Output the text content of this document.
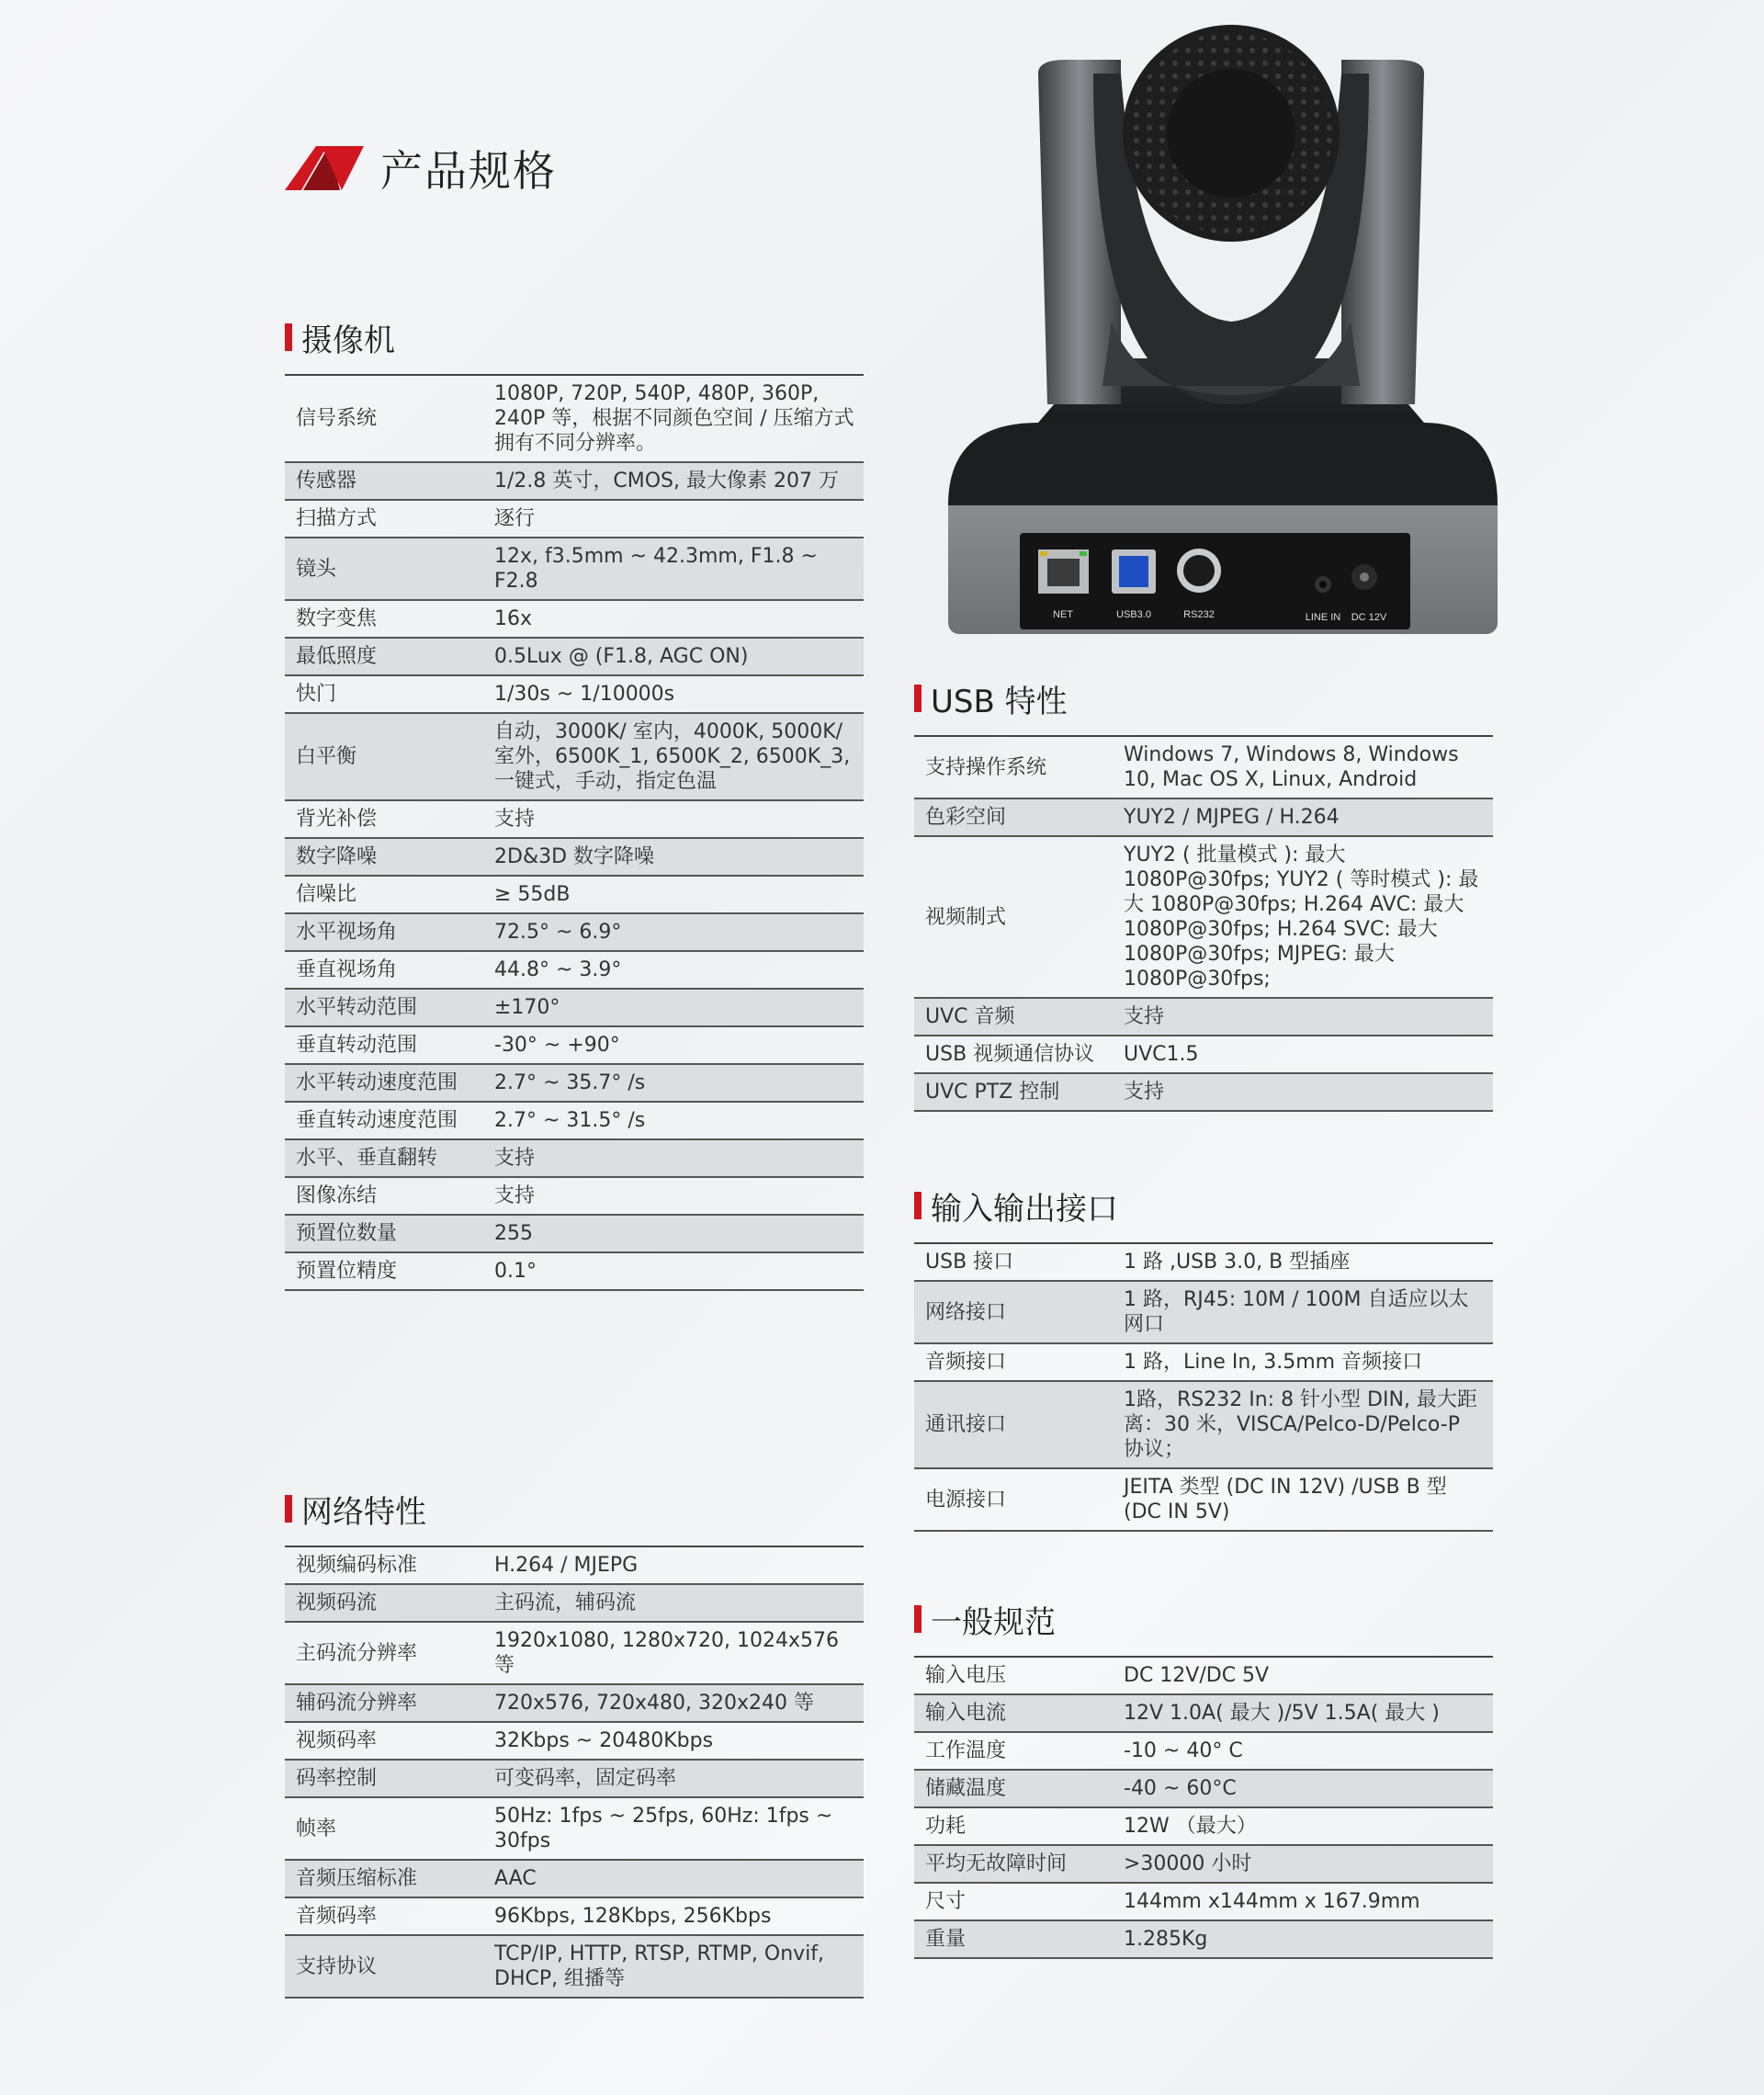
产品规格
NET	USB3.0	RS232	LINE IN DC 12V
摄像机
信号系统	1080P, 720P, 540P, 480P, 360P, 240P 等，根据不同颜色空间 / 压缩方式拥有不同分辨率。
传感器	1/2.8 英寸，CMOS, 最大像素 207 万
扫描方式	逐行
镜头	12x, f3.5mm ~ 42.3mm, F1.8 ~ F2.8
数字变焦	16x
最低照度	0.5Lux @ (F1.8, AGC ON)
快门	1/30s ~ 1/10000s
白平衡	自动，3000K/ 室内，4000K, 5000K/ 室外，6500K_1, 6500K_2, 6500K_3, 一键式，手动，指定色温
背光补偿	支持
数字降噪	2D&3D 数字降噪
信噪比	≥ 55dB
水平视场角	72.5° ~ 6.9°
垂直视场角	44.8° ~ 3.9°
水平转动范围	±170°
垂直转动范围	-30° ~ +90°
水平转动速度范围	2.7° ~ 35.7° /s
垂直转动速度范围	2.7° ~ 31.5° /s
水平、垂直翻转	支持
图像冻结	支持
预置位数量	255
预置位精度	0.1°
网络特性
视频编码标准	H.264 / MJEPG
视频码流	主码流，辅码流
主码流分辨率	1920x1080, 1280x720, 1024x576 等
辅码流分辨率	720x576, 720x480, 320x240 等
视频码率	32Kbps ~ 20480Kbps
码率控制	可变码率，固定码率
帧率	50Hz: 1fps ~ 25fps, 60Hz: 1fps ~ 30fps
音频压缩标准	AAC
音频码率	96Kbps, 128Kbps, 256Kbps
支持协议	TCP/IP, HTTP, RTSP, RTMP, Onvif, DHCP, 组播等
USB 特性
支持操作系统	Windows 7, Windows 8, Windows 10, Mac OS X, Linux, Android
色彩空间	YUY2 / MJPEG / H.264
视频制式	YUY2 ( 批量模式 ): 最大 1080P@30fps; YUY2 ( 等时模式 ): 最大 1080P@30fps; H.264 AVC: 最大 1080P@30fps; H.264 SVC: 最大 1080P@30fps; MJPEG: 最大 1080P@30fps;
UVC 音频	支持
USB 视频通信协议	UVC1.5
UVC PTZ 控制	支持
输入输出接口
USB 接口	1 路 ,USB 3.0, B 型插座
网络接口	1 路，RJ45: 10M / 100M 自适应以太网口
音频接口	1 路，Line In, 3.5mm 音频接口
通讯接口	1路，RS232 In: 8 针小型 DIN, 最大距离：30 米，VISCA/Pelco-D/Pelco-P 协议；
电源接口	JEITA 类型 (DC IN 12V) /USB B 型 (DC IN 5V)
一般规范
输入电压	DC 12V/DC 5V
输入电流	12V 1.0A( 最大 )/5V 1.5A( 最大 )
工作温度	-10 ~ 40° C
储藏温度	-40 ~ 60°C
功耗	12W （最大）
平均无故障时间	>30000 小时
尺寸	144mm x144mm x 167.9mm
重量	1.285Kg
